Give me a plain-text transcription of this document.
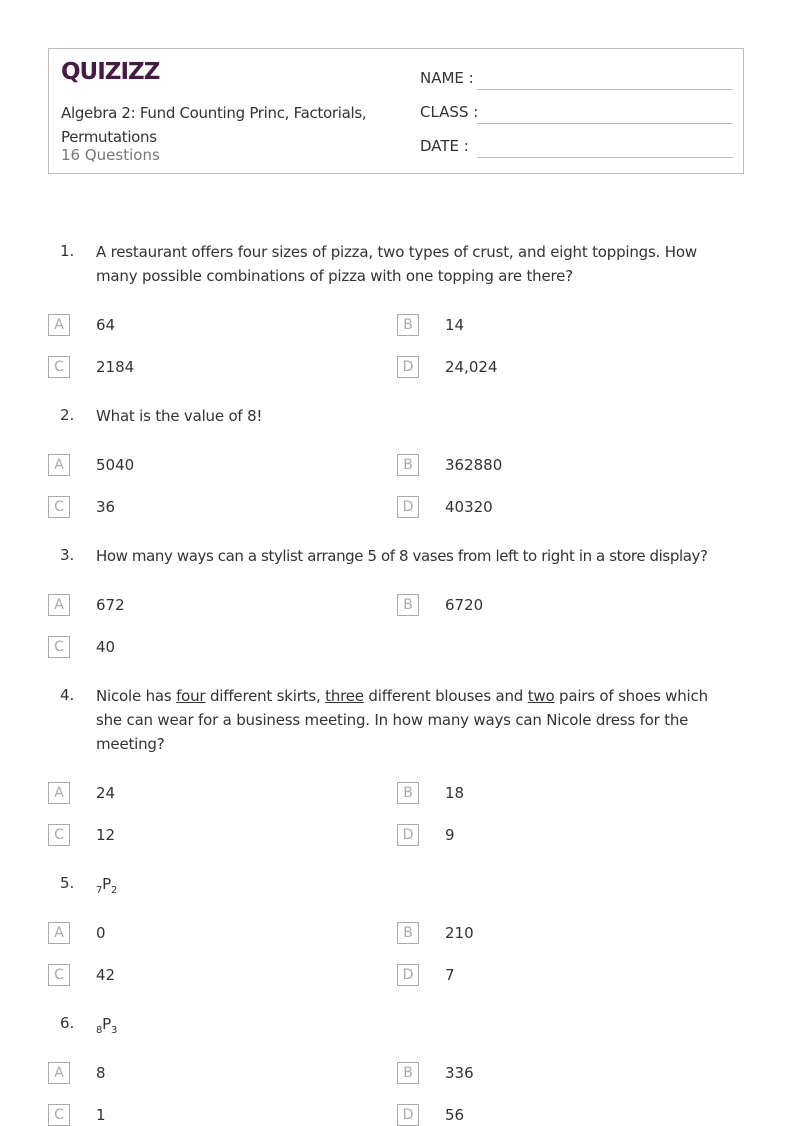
QUIZIZZ
Algebra 2: Fund Counting Princ, Factorials, Permutations
16 Questions
NAME :
CLASS :
DATE :
1. A restaurant offers four sizes of pizza, two types of crust, and eight toppings. How many possible combinations of pizza with one topping are there?
A	64	B	14
C	2184	D	24,024
2. What is the value of 8!
A	5040	B	362880
C	36	D	40320
3. How many ways can a stylist arrange 5 of 8 vases from left to right in a store display?
A	672	B	6720
C	40
4. Nicole has four different skirts, three different blouses and two pairs of shoes which she can wear for a business meeting. In how many ways can Nicole dress for the meeting?
A	24	B	18
C	12	D	9
5. $_7P_2$
A	0	B	210
C	42	D	7
6. $_8P_3$
A	8	B	336
C	1	D	56
